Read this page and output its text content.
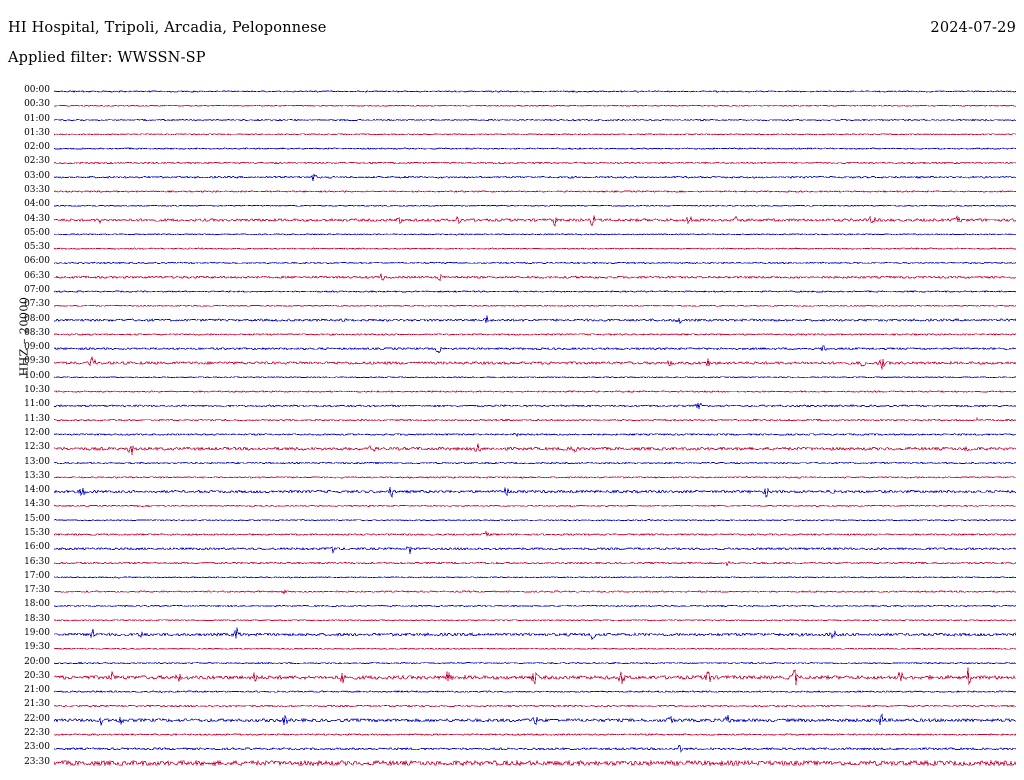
HI Hospital, Tripoli, Arcadia, Peloponnese	2024-07-29
Applied filter: WWSSN-SP
HHZ – 20000
00:00
00:30
01:00
01:30
02:00
02:30
03:00
03:30
04:00
04:30
05:00
05:30
06:00
06:30
07:00
07:30
08:00
08:30
09:00
09:30
10:00
10:30
11:00
11:30
12:00
12:30
13:00
13:30
14:00
14:30
15:00
15:30
16:00
16:30
17:00
17:30
18:00
18:30
19:00
19:30
20:00
20:30
21:00
21:30
22:00
22:30
23:00
23:30
